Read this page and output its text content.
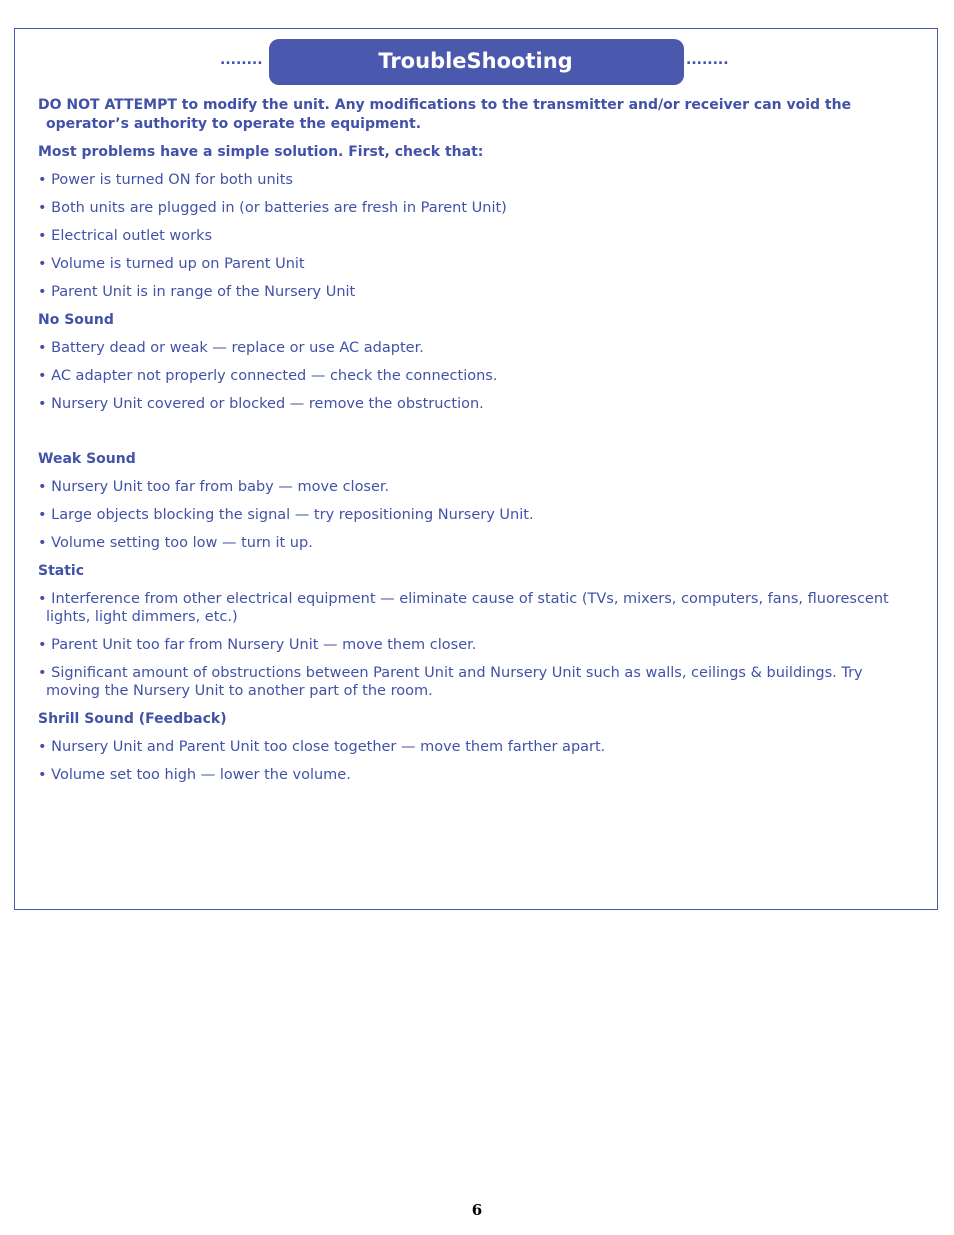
........	TroubleShooting	........

DO NOT ATTEMPT to modify the unit. Any modifications to the transmitter and/or receiver can void the operator’s authority to operate the equipment.

Most problems have a simple solution. First, check that:

• Power is turned ON for both units

• Both units are plugged in (or batteries are fresh in Parent Unit)

• Electrical outlet works

• Volume is turned up on Parent Unit

• Parent Unit is in range of the Nursery Unit

No Sound

• Battery dead or weak — replace or use AC adapter.

• AC adapter not properly connected — check the connections.

• Nursery Unit covered or blocked — remove the obstruction.

Weak Sound

• Nursery Unit too far from baby — move closer.

• Large objects blocking the signal — try repositioning Nursery Unit.

• Volume setting too low — turn it up.

Static

• Interference from other electrical equipment — eliminate cause of static (TVs, mixers, computers, fans, fluorescent lights, light dimmers, etc.)

• Parent Unit too far from Nursery Unit — move them closer.

• Significant amount of obstructions between Parent Unit and Nursery Unit such as walls, ceilings & buildings. Try moving the Nursery Unit to another part of the room.

Shrill Sound (Feedback)

• Nursery Unit and Parent Unit too close together — move them farther apart.

• Volume set too high — lower the volume.

6
